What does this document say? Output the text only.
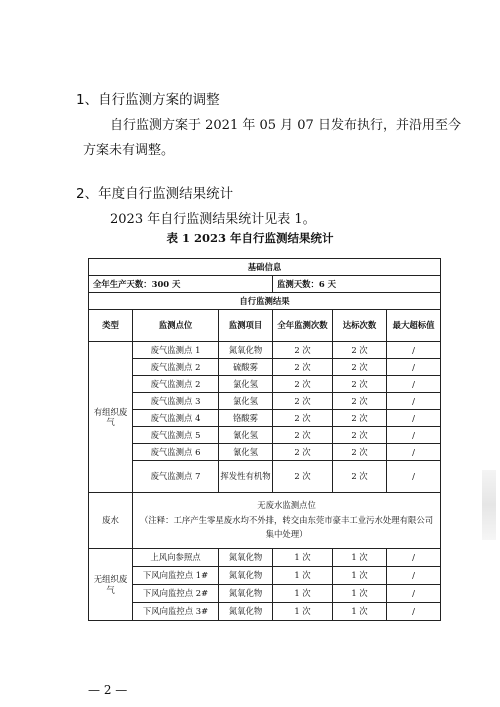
1、自行监测方案的调整
自行监测方案于 2021 年 05 月 07 日发布执行，并沿用至今
方案未有调整。
2、年度自行监测结果统计
2023 年自行监测结果统计见表 1。
表 1 2023 年自行监测结果统计
基础信息					
全年生产天数：300 天			监测天数：6 天		
自行监测结果					
类型	监测点位	监测项目	全年监测次数	达标次数	最大超标值
有组织废气	废气监测点 1	氮氧化物	2 次	2 次	/
	废气监测点 2	硫酸雾	2 次	2 次	/
	废气监测点 2	氯化氢	2 次	2 次	/
	废气监测点 3	氯化氢	2 次	2 次	/
	废气监测点 4	铬酸雾	2 次	2 次	/
	废气监测点 5	氰化氢	2 次	2 次	/
	废气监测点 6	氰化氢	2 次	2 次	/
	废气监测点 7	挥发性有机物	2 次	2 次	/
废水	无废水监测点位
（注释：工序产生零星废水均不外排，转交由东莞市豪丰工业污水处理有限公司集中处理）				

无组织废气	上风向参照点	氮氧化物	1 次	1 次	/
	下风向监控点 1#	氮氧化物	1 次	1 次	/
	下风向监控点 2#	氮氧化物	1 次	1 次	/
	下风向监控点 3#	氮氧化物	1 次	1 次	/
— 2 —
